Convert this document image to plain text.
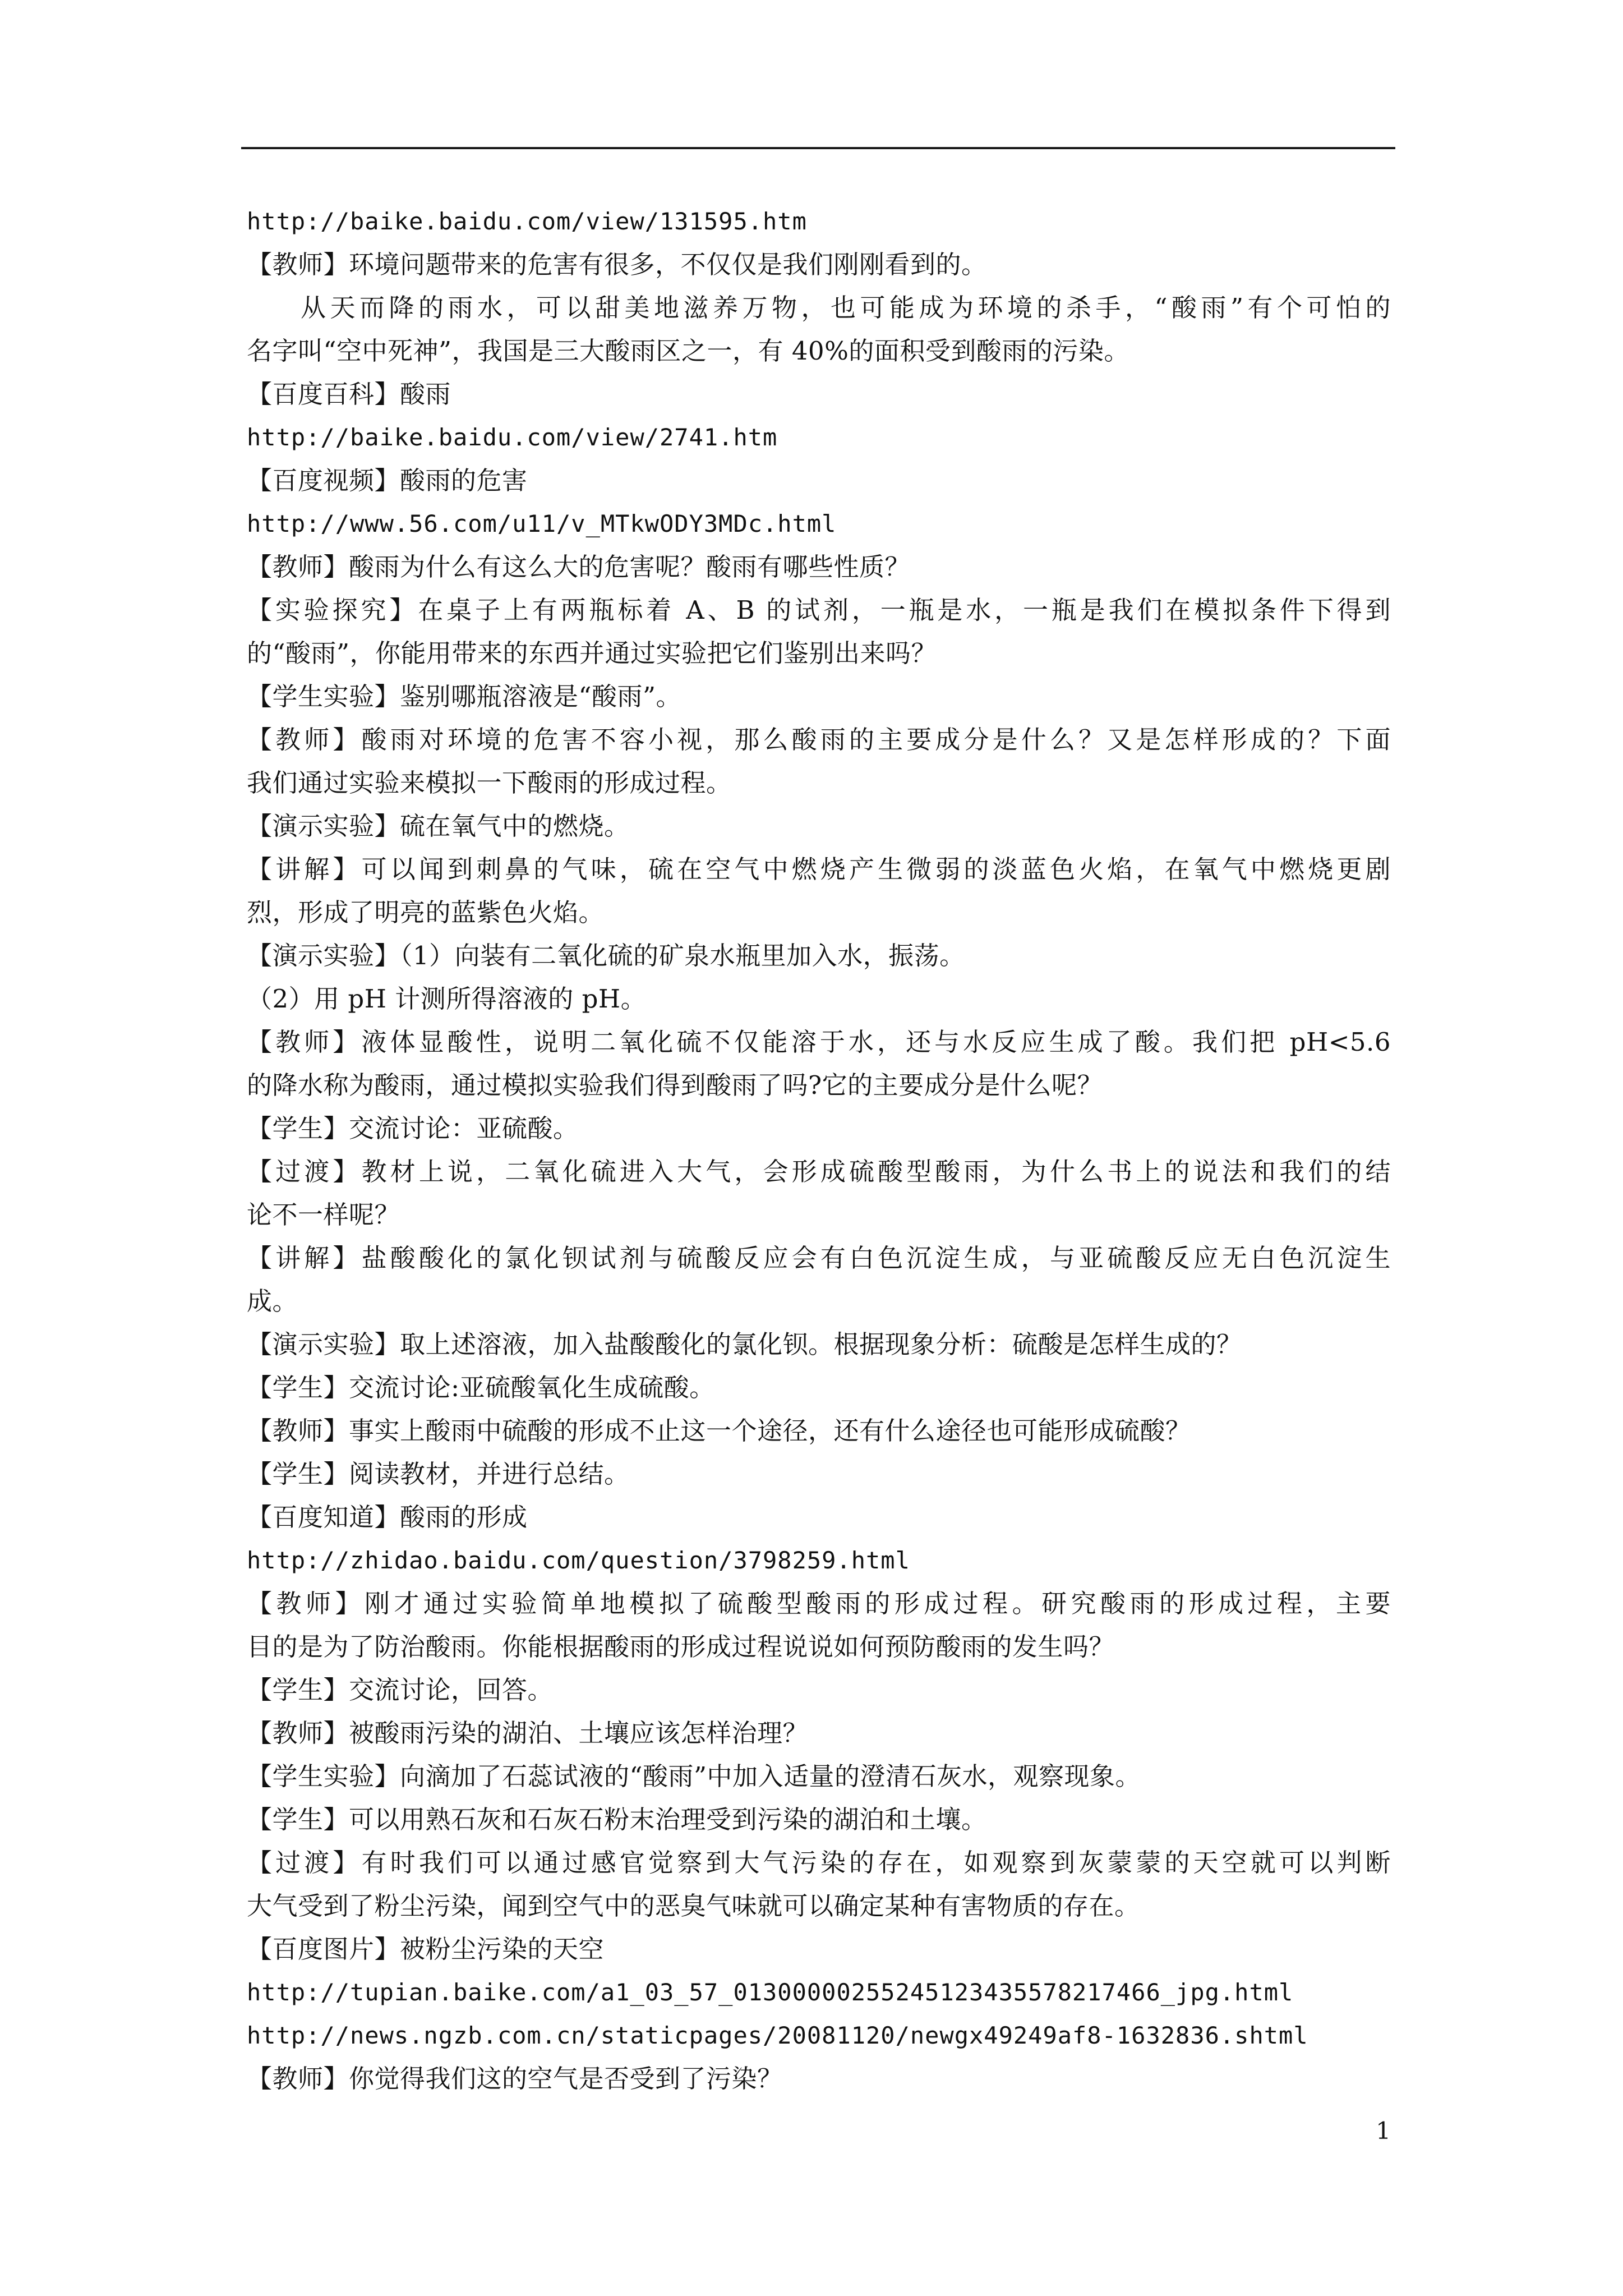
http://baike.baidu.com/view/131595.htm
【教师】环境问题带来的危害有很多，不仅仅是我们刚刚看到的。
从天而降的雨水，可以甜美地滋养万物，也可能成为环境的杀手，“酸雨”有个可怕的
名字叫“空中死神”，我国是三大酸雨区之一，有 40%的面积受到酸雨的污染。
【百度百科】酸雨
http://baike.baidu.com/view/2741.htm
【百度视频】酸雨的危害
http://www.56.com/u11/v_MTkwODY3MDc.html
【教师】酸雨为什么有这么大的危害呢？酸雨有哪些性质？
【实验探究】在桌子上有两瓶标着 A、B 的试剂，一瓶是水，一瓶是我们在模拟条件下得到
的“酸雨”，你能用带来的东西并通过实验把它们鉴别出来吗？
【学生实验】鉴别哪瓶溶液是“酸雨”。
【教师】酸雨对环境的危害不容小视，那么酸雨的主要成分是什么？又是怎样形成的？下面
我们通过实验来模拟一下酸雨的形成过程。
【演示实验】硫在氧气中的燃烧。
【讲解】可以闻到刺鼻的气味，硫在空气中燃烧产生微弱的淡蓝色火焰，在氧气中燃烧更剧
烈，形成了明亮的蓝紫色火焰。
【演示实验】（1）向装有二氧化硫的矿泉水瓶里加入水，振荡。
（2）用 pH 计测所得溶液的 pH。
【教师】液体显酸性，说明二氧化硫不仅能溶于水，还与水反应生成了酸。我们把 pH<5.6
的降水称为酸雨，通过模拟实验我们得到酸雨了吗?它的主要成分是什么呢？
【学生】交流讨论：亚硫酸。
【过渡】教材上说，二氧化硫进入大气，会形成硫酸型酸雨，为什么书上的说法和我们的结
论不一样呢？
【讲解】盐酸酸化的氯化钡试剂与硫酸反应会有白色沉淀生成，与亚硫酸反应无白色沉淀生
成。
【演示实验】取上述溶液，加入盐酸酸化的氯化钡。根据现象分析：硫酸是怎样生成的？
【学生】交流讨论:亚硫酸氧化生成硫酸。
【教师】事实上酸雨中硫酸的形成不止这一个途径，还有什么途径也可能形成硫酸？
【学生】阅读教材，并进行总结。
【百度知道】酸雨的形成
http://zhidao.baidu.com/question/3798259.html
【教师】刚才通过实验简单地模拟了硫酸型酸雨的形成过程。研究酸雨的形成过程，主要
目的是为了防治酸雨。你能根据酸雨的形成过程说说如何预防酸雨的发生吗？
【学生】交流讨论，回答。
【教师】被酸雨污染的湖泊、土壤应该怎样治理？
【学生实验】向滴加了石蕊试液的“酸雨”中加入适量的澄清石灰水，观察现象。
【学生】可以用熟石灰和石灰石粉末治理受到污染的湖泊和土壤。
【过渡】有时我们可以通过感官觉察到大气污染的存在，如观察到灰蒙蒙的天空就可以判断
大气受到了粉尘污染，闻到空气中的恶臭气味就可以确定某种有害物质的存在。
【百度图片】被粉尘污染的天空
http://tupian.baike.com/a1_03_57_01300000255245123435578217466_jpg.html
http://news.ngzb.com.cn/staticpages/20081120/newgx49249af8-1632836.shtml
【教师】你觉得我们这的空气是否受到了污染？
1
